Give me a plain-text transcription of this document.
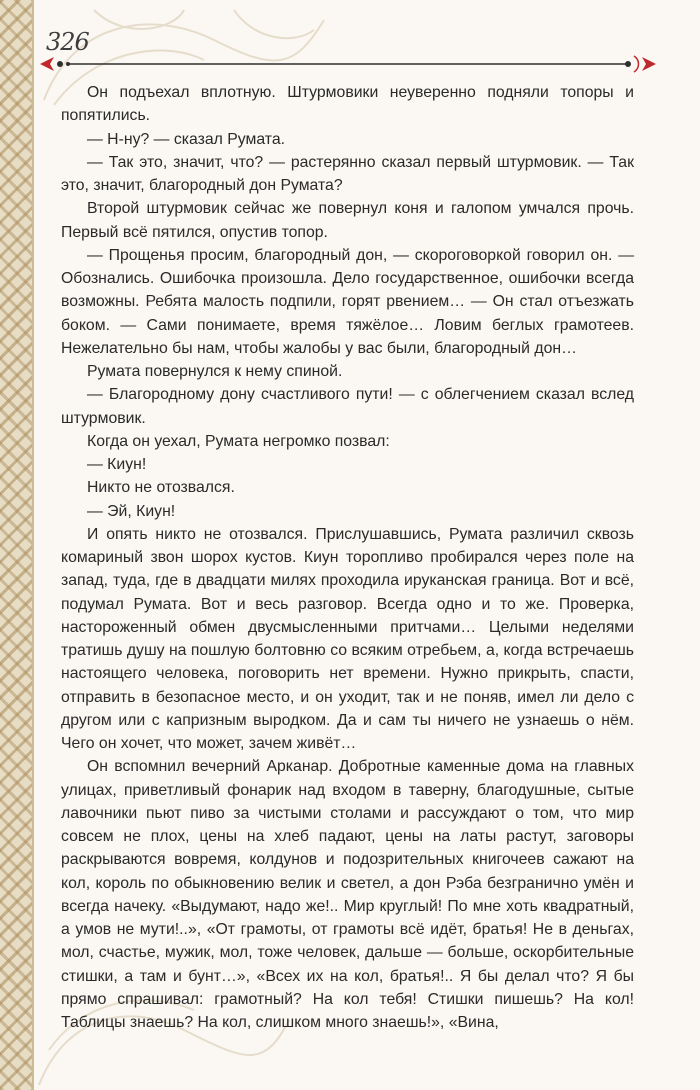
326

Он подъехал вплотную. Штурмовики неуверенно подняли топоры и попятились.

— Н-ну? — сказал Румата.

— Так это, значит, что? — растерянно сказал первый штурмовик. — Так это, значит, благородный дон Румата?

Второй штурмовик сейчас же повернул коня и галопом умчался прочь. Первый всё пятился, опустив топор.

— Прощенья просим, благородный дон, — скороговоркой говорил он. — Обознались. Ошибочка произошла. Дело государственное, ошибочки всегда возможны. Ребята малость подпили, горят рвением… — Он стал отъезжать боком. — Сами понимаете, время тяжёлое… Ловим беглых грамотеев. Нежелательно бы нам, чтобы жалобы у вас были, благородный дон…

Румата повернулся к нему спиной.

— Благородному дону счастливого пути! — с облегчением сказал вслед штурмовик.

Когда он уехал, Румата негромко позвал:

— Киун!

Никто не отозвался.

— Эй, Киун!

И опять никто не отозвался. Прислушавшись, Румата различил сквозь комариный звон шорох кустов. Киун торопливо пробирался через поле на запад, туда, где в двадцати милях проходила ируканская граница. Вот и всё, подумал Румата. Вот и весь разговор. Всегда одно и то же. Проверка, настороженный обмен двусмысленными притчами… Целыми неделями тратишь душу на пошлую болтовню со всяким отребьем, а, когда встречаешь настоящего человека, поговорить нет времени. Нужно прикрыть, спасти, отправить в безопасное место, и он уходит, так и не поняв, имел ли дело с другом или с капризным выродком. Да и сам ты ничего не узнаешь о нём. Чего он хочет, что может, зачем живёт…

Он вспомнил вечерний Арканар. Добротные каменные дома на главных улицах, приветливый фонарик над входом в таверну, благодушные, сытые лавочники пьют пиво за чистыми столами и рассуждают о том, что мир совсем не плох, цены на хлеб падают, цены на латы растут, заговоры раскрываются вовремя, колдунов и подозрительных книгочеев сажают на кол, король по обыкновению велик и светел, а дон Рэба безгранично умён и всегда начеку. «Выдумают, надо же!.. Мир круглый! По мне хоть квадратный, а умов не мути!..», «От грамоты, от грамоты всё идёт, братья! Не в деньгах, мол, счастье, мужик, мол, тоже человек, дальше — больше, оскорбительные стишки, а там и бунт…», «Всех их на кол, братья!.. Я бы делал что? Я бы прямо спрашивал: грамотный? На кол тебя! Стишки пишешь? На кол! Таблицы знаешь? На кол, слишком много знаешь!», «Вина,
